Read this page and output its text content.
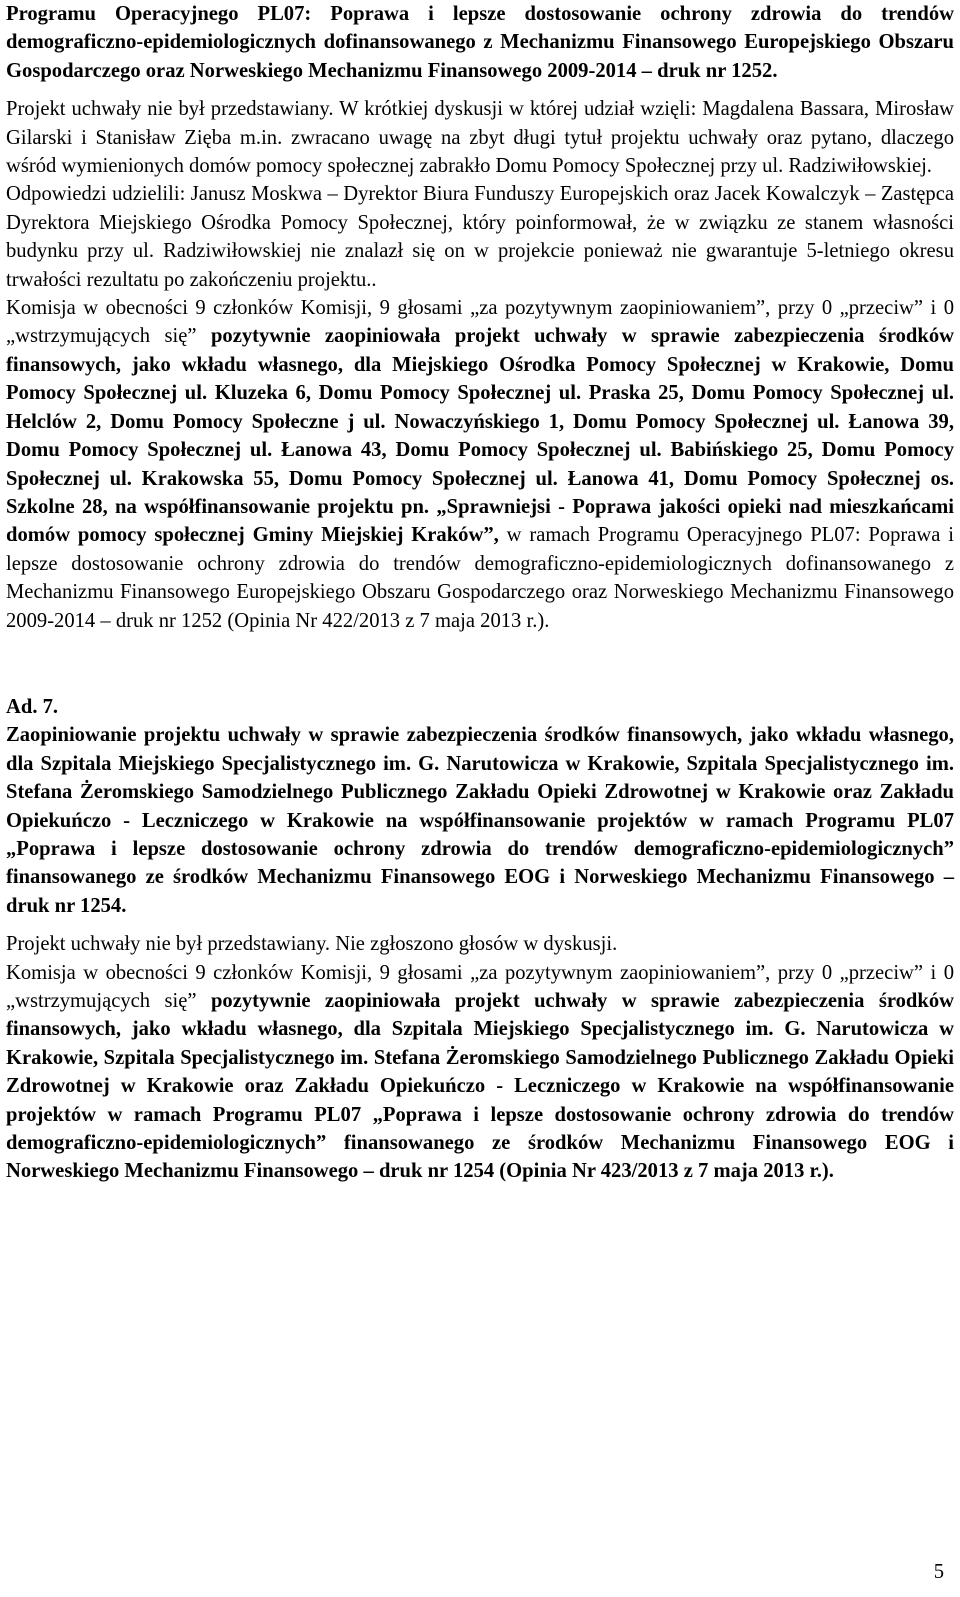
Programu Operacyjnego PL07: Poprawa i lepsze dostosowanie ochrony zdrowia do trendów demograficzno-epidemiologicznych dofinansowanego z Mechanizmu Finansowego Europejskiego Obszaru Gospodarczego oraz Norweskiego Mechanizmu Finansowego 2009-2014 – druk nr 1252.

Projekt uchwały nie był przedstawiany. W krótkiej dyskusji w której udział wzięli: Magdalena Bassara, Mirosław Gilarski i Stanisław Zięba m.in. zwracano uwagę na zbyt długi tytuł projektu uchwały oraz pytano, dlaczego wśród wymienionych domów pomocy społecznej zabrakło Domu Pomocy Społecznej przy ul. Radziwiłowskiej.

Odpowiedzi udzielili: Janusz Moskwa – Dyrektor Biura Funduszy Europejskich oraz Jacek Kowalczyk – Zastępca Dyrektora Miejskiego Ośrodka Pomocy Społecznej, który poinformował, że w związku ze stanem własności budynku przy ul. Radziwiłowskiej nie znalazł się on w projekcie ponieważ nie gwarantuje 5-letniego okresu trwałości rezultatu po zakończeniu projektu..

Komisja w obecności 9 członków Komisji, 9 głosami „za pozytywnym zaopiniowaniem”, przy 0 „przeciw” i 0 „wstrzymujących się” pozytywnie zaopiniowała projekt uchwały w sprawie zabezpieczenia środków finansowych, jako wkładu własnego, dla Miejskiego Ośrodka Pomocy Społecznej w Krakowie, Domu Pomocy Społecznej ul. Kluzeka 6, Domu Pomocy Społecznej ul. Praska 25, Domu Pomocy Społecznej ul. Helclów 2, Domu Pomocy Społeczne j ul. Nowaczyńskiego 1, Domu Pomocy Społecznej ul. Łanowa 39, Domu Pomocy Społecznej ul. Łanowa 43, Domu Pomocy Społecznej ul. Babińskiego 25, Domu Pomocy Społecznej ul. Krakowska 55, Domu Pomocy Społecznej ul. Łanowa 41, Domu Pomocy Społecznej os. Szkolne 28, na współfinansowanie projektu pn. „Sprawniejsi - Poprawa jakości opieki nad mieszkańcami domów pomocy społecznej Gminy Miejskiej Kraków”, w ramach Programu Operacyjnego PL07: Poprawa i lepsze dostosowanie ochrony zdrowia do trendów demograficzno-epidemiologicznych dofinansowanego z Mechanizmu Finansowego Europejskiego Obszaru Gospodarczego oraz Norweskiego Mechanizmu Finansowego 2009-2014 – druk nr 1252 (Opinia Nr 422/2013 z 7 maja 2013 r.).

Ad. 7.

Zaopiniowanie projektu uchwały w sprawie zabezpieczenia środków finansowych, jako wkładu własnego, dla Szpitala Miejskiego Specjalistycznego im. G. Narutowicza w Krakowie, Szpitala Specjalistycznego im. Stefana Żeromskiego Samodzielnego Publicznego Zakładu Opieki Zdrowotnej w Krakowie oraz Zakładu Opiekuńczo - Leczniczego w Krakowie na współfinansowanie projektów w ramach Programu PL07 „Poprawa i lepsze dostosowanie ochrony zdrowia do trendów demograficzno-epidemiologicznych” finansowanego ze środków Mechanizmu Finansowego EOG i Norweskiego Mechanizmu Finansowego – druk nr 1254.

Projekt uchwały nie był przedstawiany. Nie zgłoszono głosów w dyskusji.

Komisja w obecności 9 członków Komisji, 9 głosami „za pozytywnym zaopiniowaniem”, przy 0 „przeciw” i 0 „wstrzymujących się” pozytywnie zaopiniowała projekt uchwały w sprawie zabezpieczenia środków finansowych, jako wkładu własnego, dla Szpitala Miejskiego Specjalistycznego im. G. Narutowicza w Krakowie, Szpitala Specjalistycznego im. Stefana Żeromskiego Samodzielnego Publicznego Zakładu Opieki Zdrowotnej w Krakowie oraz Zakładu Opiekuńczo - Leczniczego w Krakowie na współfinansowanie projektów w ramach Programu PL07 „Poprawa i lepsze dostosowanie ochrony zdrowia do trendów demograficzno-epidemiologicznych” finansowanego ze środków Mechanizmu Finansowego EOG i Norweskiego Mechanizmu Finansowego – druk nr 1254 (Opinia Nr 423/2013 z 7 maja 2013 r.).

5
